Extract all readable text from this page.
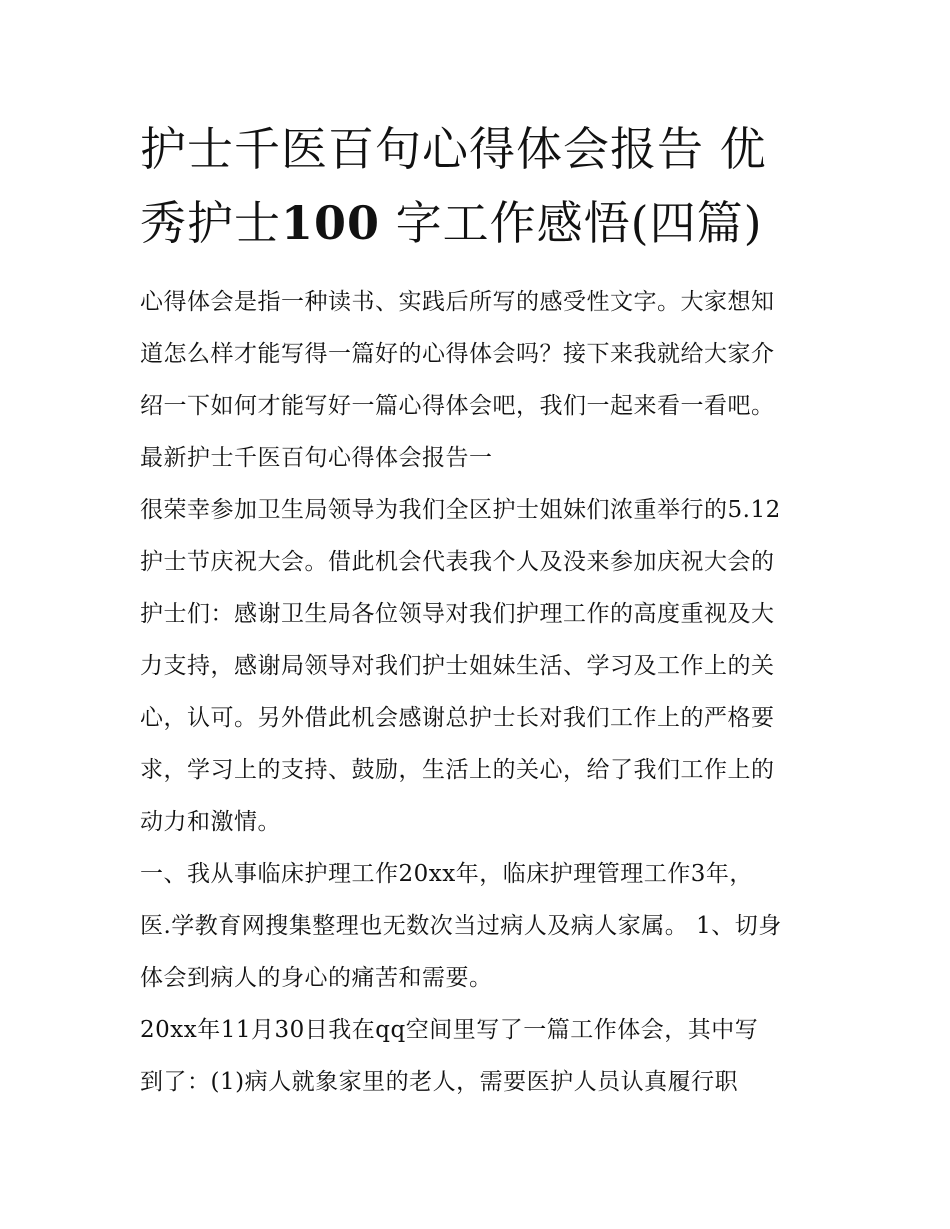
护士千医百句心得体会报告 优
秀护士100 字工作感悟(四篇)
心得体会是指一种读书、实践后所写的感受性文字。大家想知
道怎么样才能写得一篇好的心得体会吗？接下来我就给大家介
绍一下如何才能写好一篇心得体会吧，我们一起来看一看吧。
最新护士千医百句心得体会报告一
很荣幸参加卫生局领导为我们全区护士姐妹们浓重举行的5.12
护士节庆祝大会。借此机会代表我个人及没来参加庆祝大会的
护士们：感谢卫生局各位领导对我们护理工作的高度重视及大
力支持，感谢局领导对我们护士姐妹生活、学习及工作上的关
心，认可。另外借此机会感谢总护士长对我们工作上的严格要
求，学习上的支持、鼓励，生活上的关心，给了我们工作上的
动力和激情。
一、我从事临床护理工作20xx年，临床护理管理工作3年，
医.学教育网搜集整理也无数次当过病人及病人家属。 1、切身
体会到病人的身心的痛苦和需要。
20xx年11月30日我在qq空间里写了一篇工作体会，其中写
到了：(1)病人就象家里的老人，需要医护人员认真履行职
